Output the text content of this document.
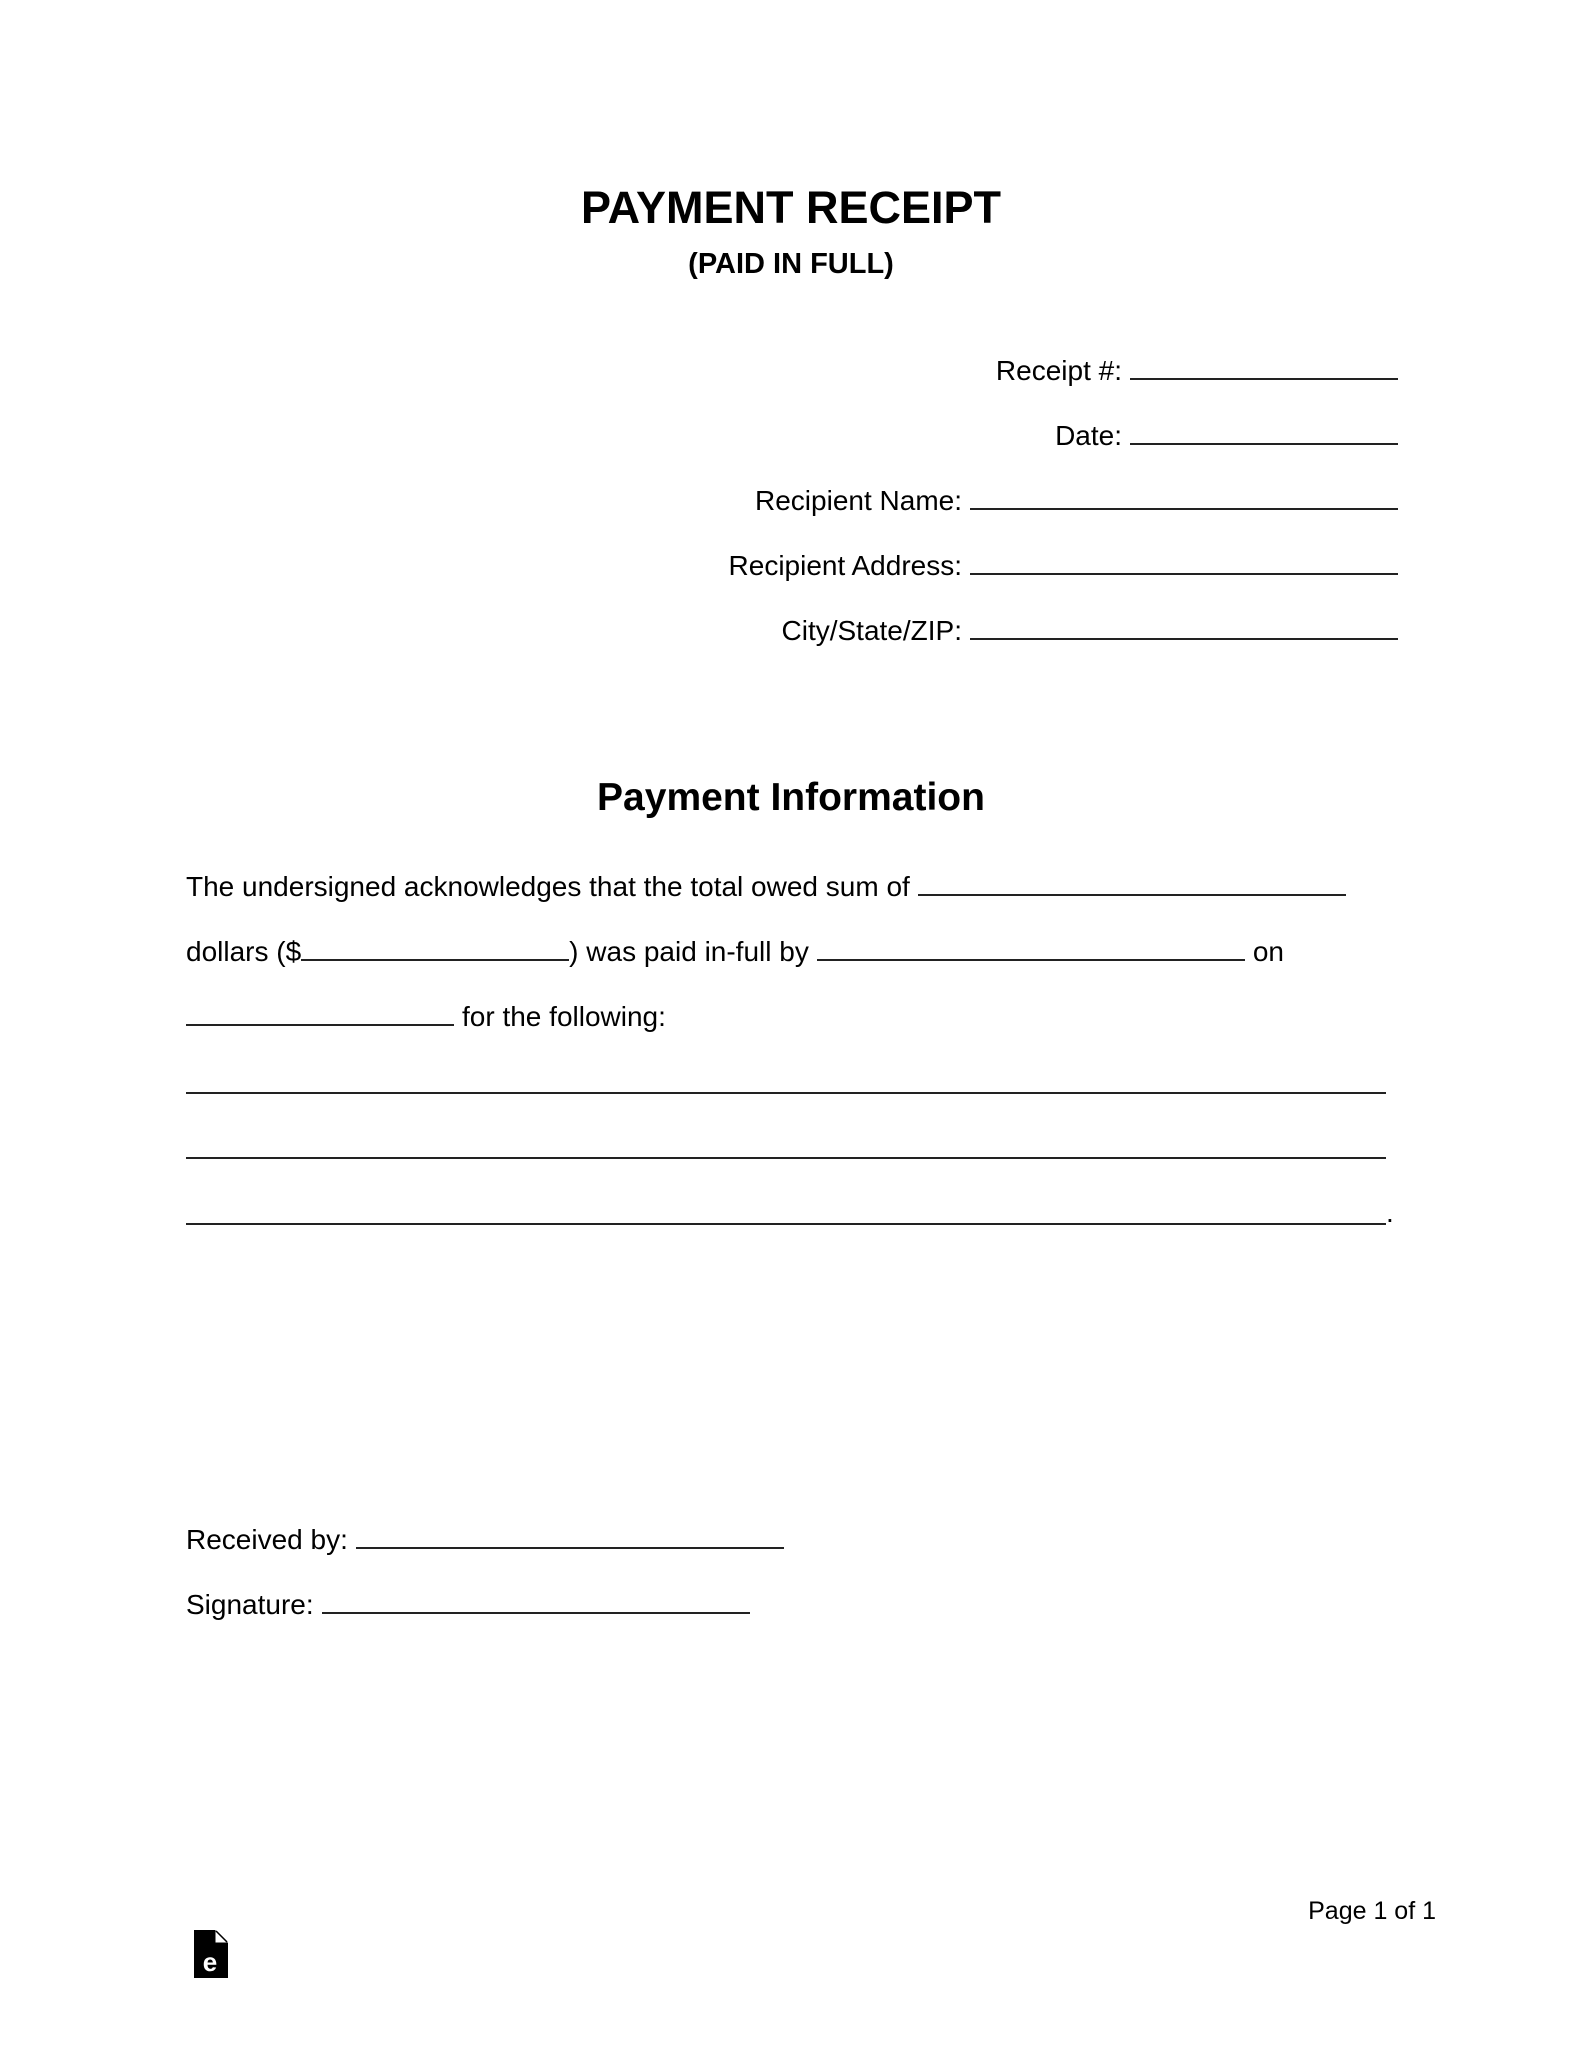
PAYMENT RECEIPT
(PAID IN FULL)
Receipt #:
Date:
Recipient Name:
Recipient Address:
City/State/ZIP:
Payment Information
The undersigned acknowledges that the total owed sum of
dollars ($	) was paid in-full by	on
for the following:
.
Received by:
Signature:
Page 1 of 1
e
